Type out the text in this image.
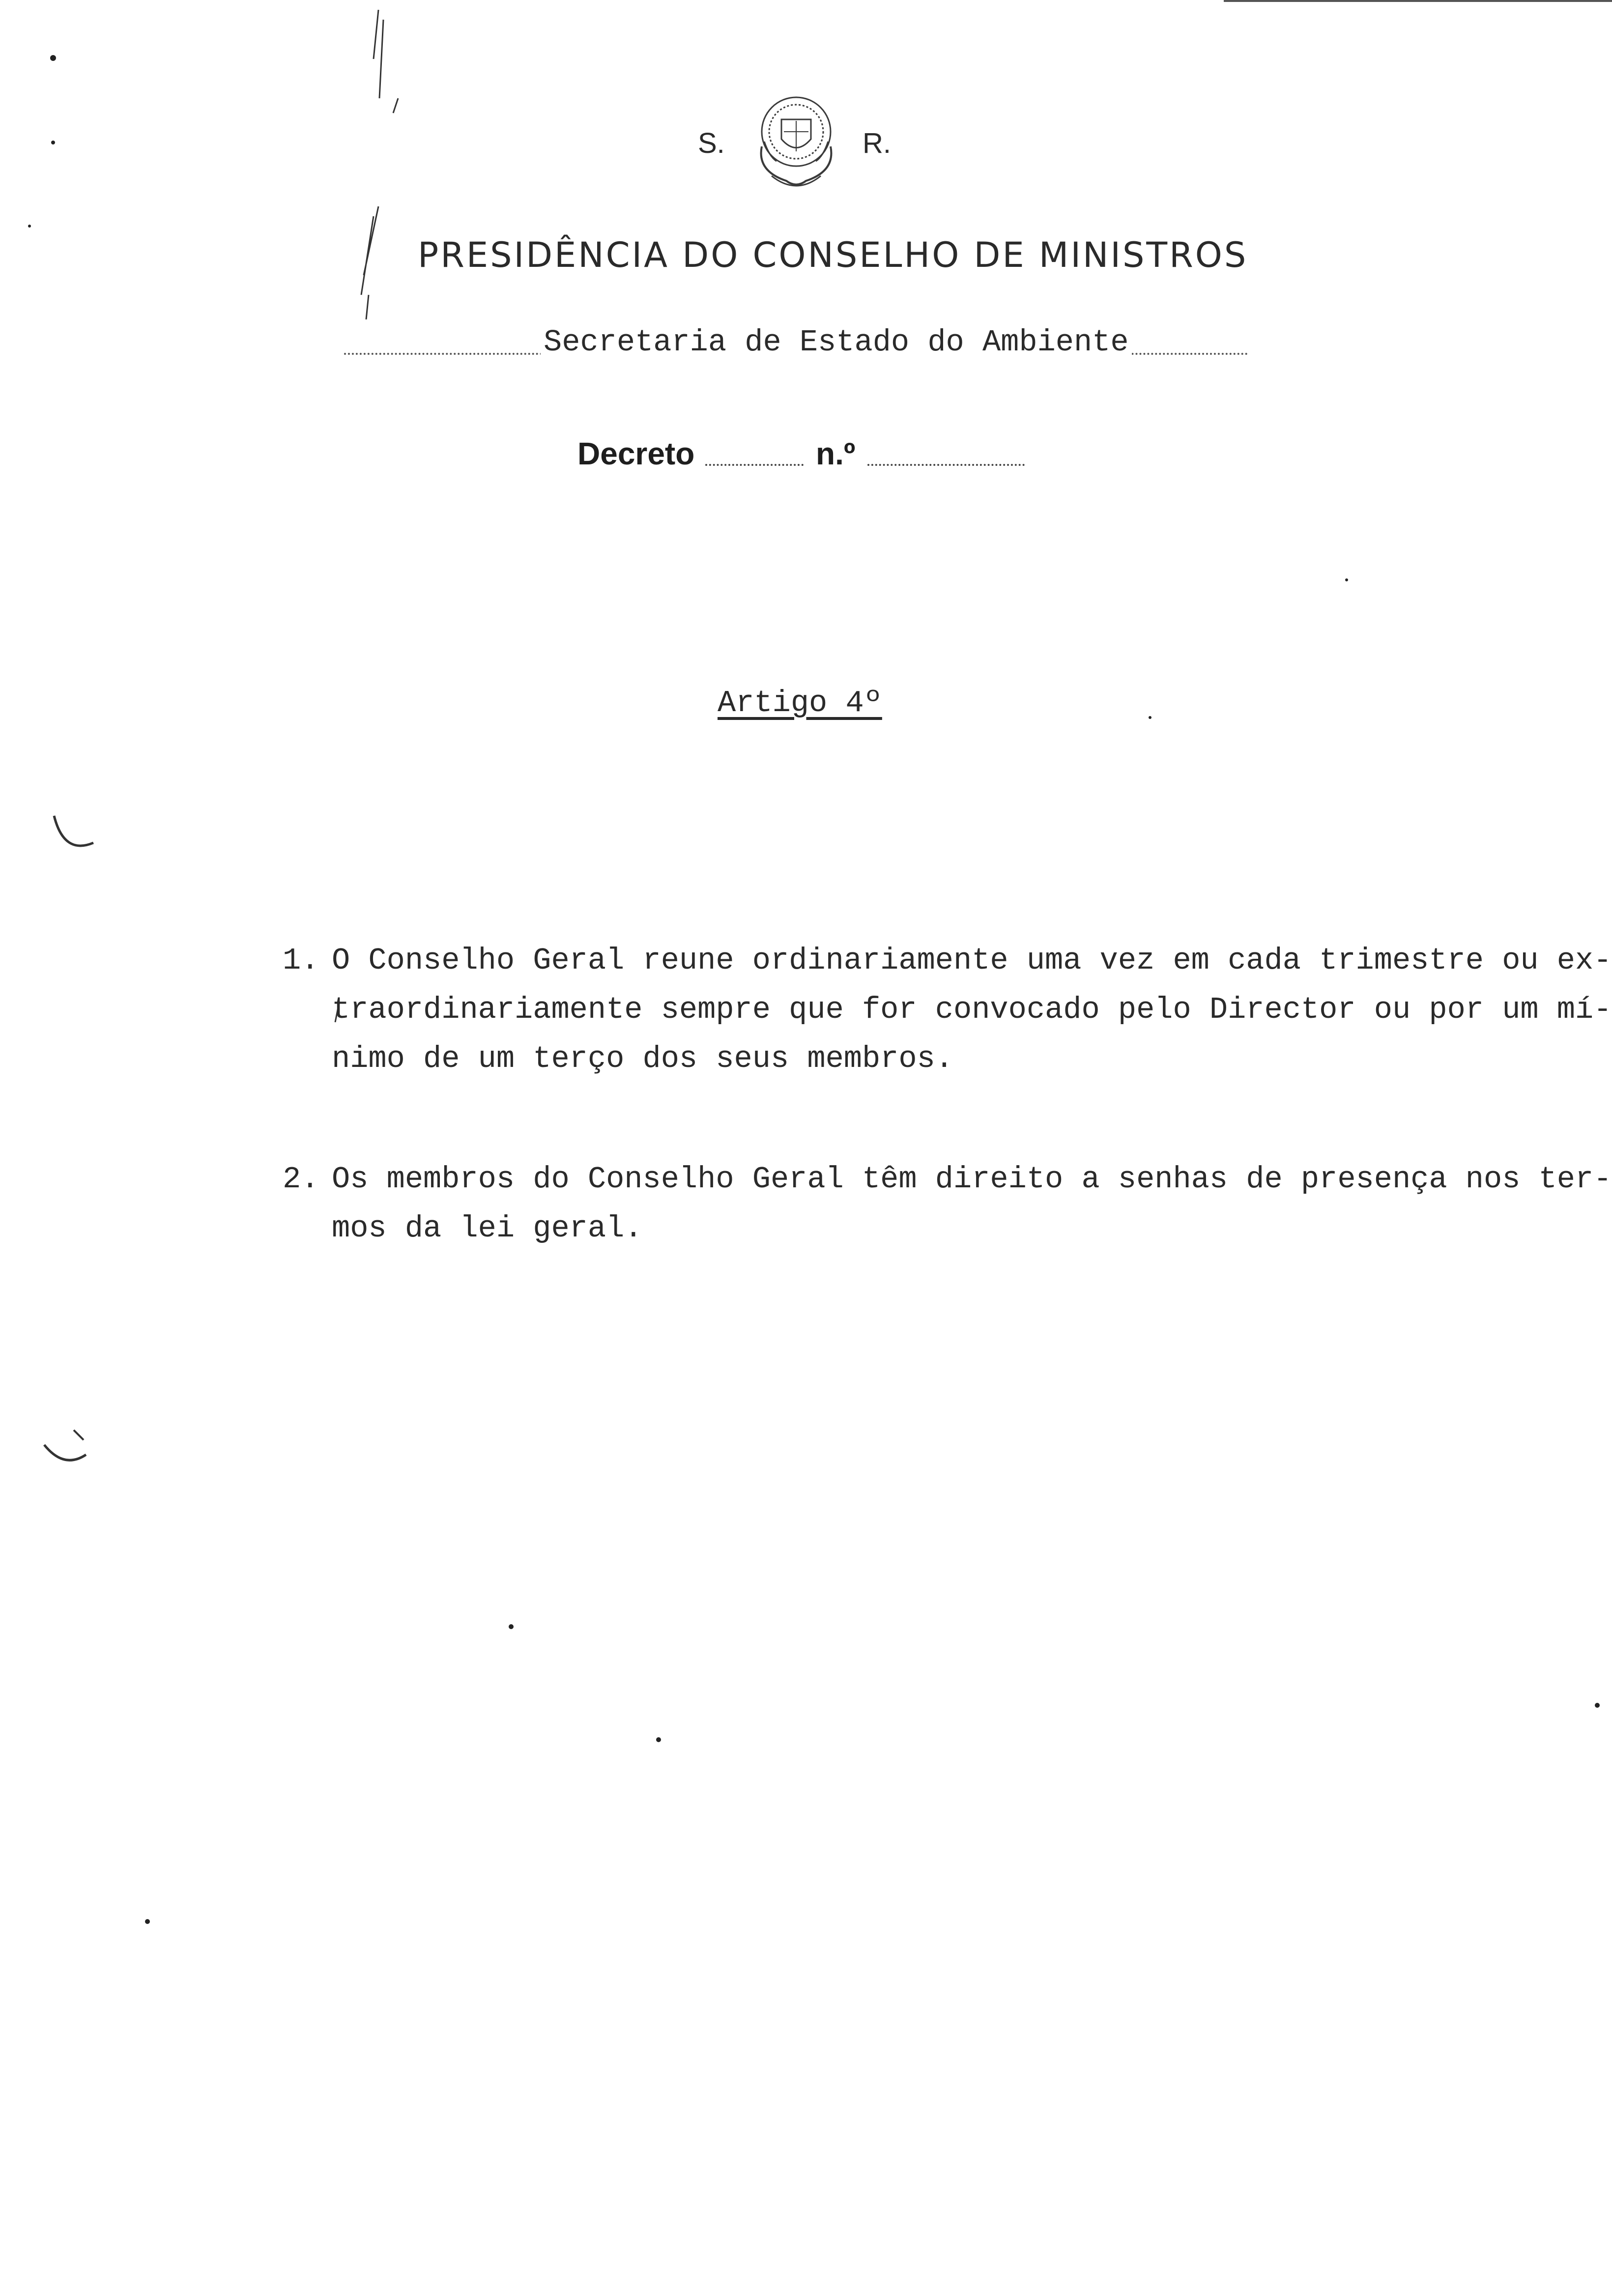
S.	R.
PRESIDÊNCIA DO CONSELHO DE MINISTROS
Secretaria de Estado do Ambiente
Decreto	n.º
Artigo 4º
1. O Conselho Geral reune ordinariamente uma vez em cada trimestre ou ex-
traordinariamente sempre que for convocado pelo Director ou por um mí-
nimo de um terço dos seus membros.
2. Os membros do Conselho Geral têm direito a senhas de presença nos ter-
mos da lei geral.
